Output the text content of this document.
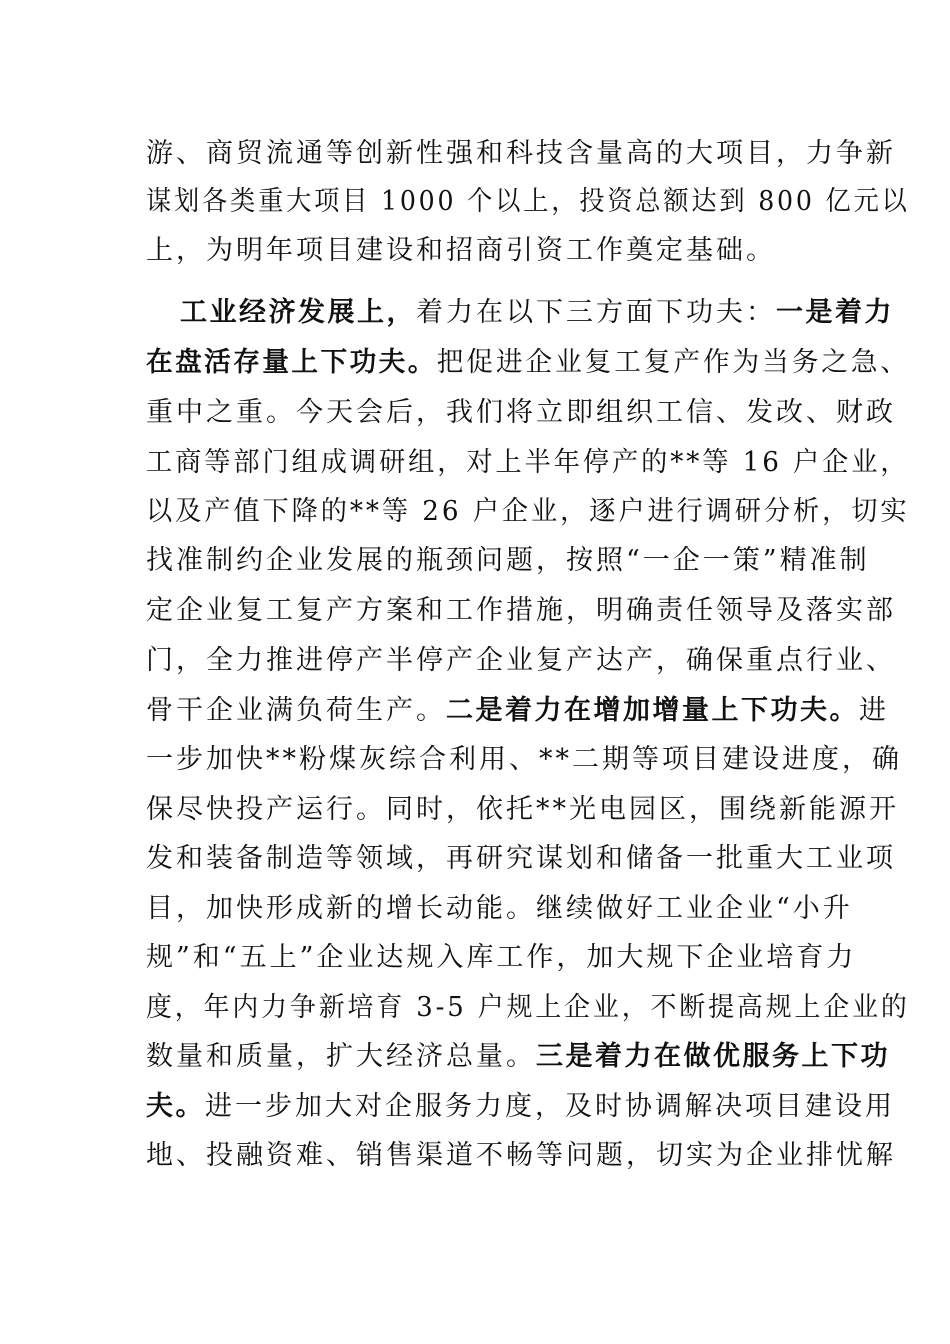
游、商贸流通等创新性强和科技含量高的大项目，力争新
谋划各类重大项目 1000 个以上，投资总额达到 800 亿元以
上，为明年项目建设和招商引资工作奠定基础。
工业经济发展上，着力在以下三方面下功夫：一是着力
在盘活存量上下功夫。把促进企业复工复产作为当务之急、
重中之重。今天会后，我们将立即组织工信、发改、财政
工商等部门组成调研组，对上半年停产的**等 16 户企业，
以及产值下降的**等 26 户企业，逐户进行调研分析，切实
找准制约企业发展的瓶颈问题，按照“一企一策”精准制
定企业复工复产方案和工作措施，明确责任领导及落实部
门，全力推进停产半停产企业复产达产，确保重点行业、
骨干企业满负荷生产。二是着力在增加增量上下功夫。进
一步加快**粉煤灰综合利用、**二期等项目建设进度，确
保尽快投产运行。同时，依托**光电园区，围绕新能源开
发和装备制造等领域，再研究谋划和储备一批重大工业项
目，加快形成新的增长动能。继续做好工业企业“小升
规”和“五上”企业达规入库工作，加大规下企业培育力
度，年内力争新培育 3-5 户规上企业，不断提高规上企业的
数量和质量，扩大经济总量。三是着力在做优服务上下功
夫。进一步加大对企服务力度，及时协调解决项目建设用
地、投融资难、销售渠道不畅等问题，切实为企业排忧解
